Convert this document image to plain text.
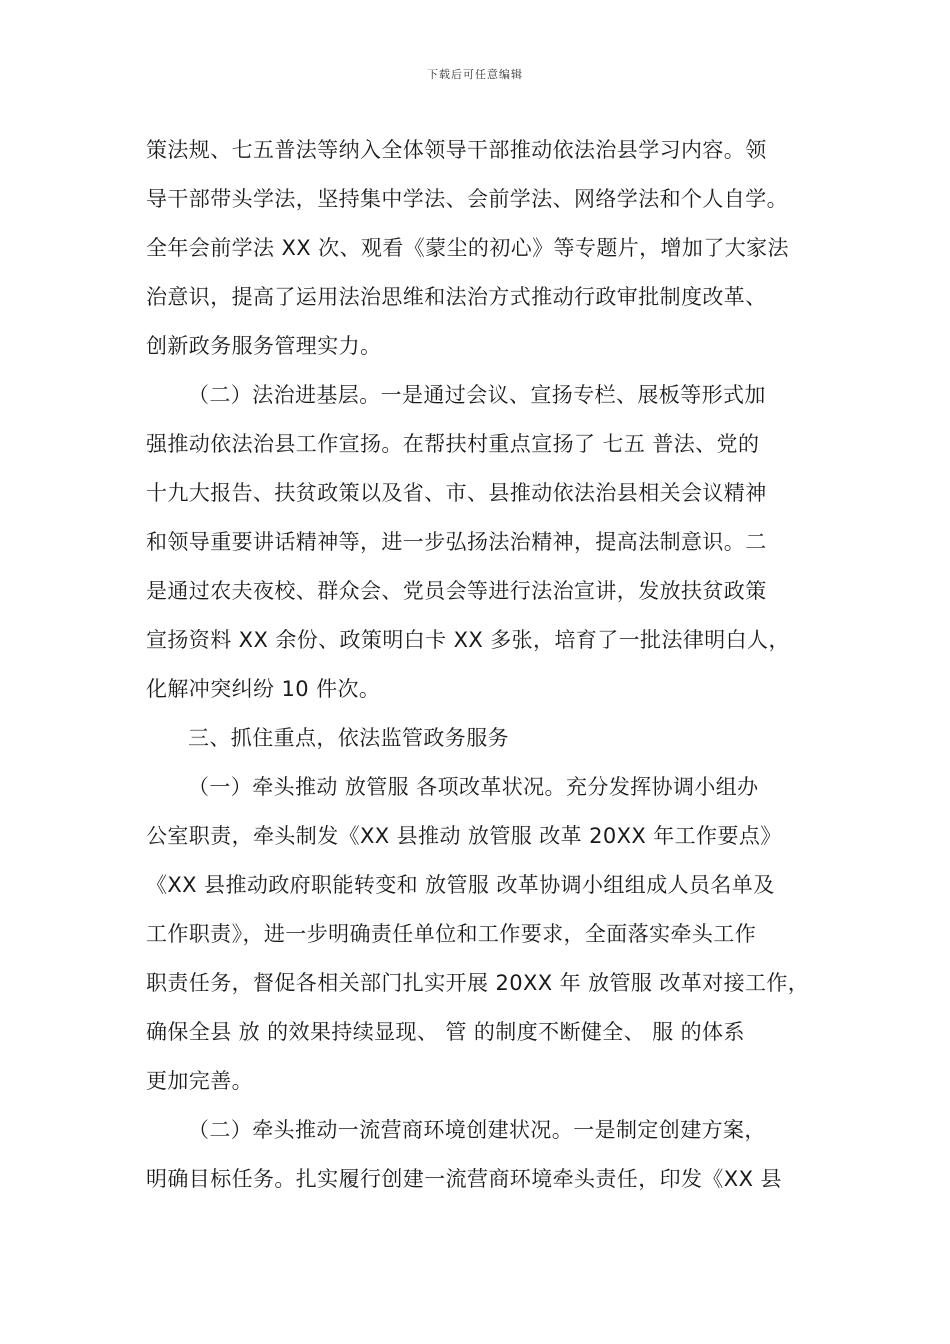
下载后可任意编辑
策法规、七五普法等纳入全体领导干部推动依法治县学习内容。领
导干部带头学法，坚持集中学法、会前学法、网络学法和个人自学。
全年会前学法 XX 次、观看《蒙尘的初心》等专题片，增加了大家法
治意识，提高了运用法治思维和法治方式推动行政审批制度改革、
创新政务服务管理实力。
（二）法治进基层。一是通过会议、宣扬专栏、展板等形式加
强推动依法治县工作宣扬。在帮扶村重点宣扬了 七五 普法、党的
十九大报告、扶贫政策以及省、市、县推动依法治县相关会议精神
和领导重要讲话精神等，进一步弘扬法治精神，提高法制意识。二
是通过农夫夜校、群众会、党员会等进行法治宣讲，发放扶贫政策
宣扬资料 XX 余份、政策明白卡 XX 多张，培育了一批法律明白人，
化解冲突纠纷 10 件次。
三、抓住重点，依法监管政务服务
（一）牵头推动 放管服 各项改革状况。充分发挥协调小组办
公室职责，牵头制发《XX 县推动 放管服 改革 20XX 年工作要点》
《XX 县推动政府职能转变和 放管服 改革协调小组组成人员名单及
工作职责》，进一步明确责任单位和工作要求，全面落实牵头工作
职责任务，督促各相关部门扎实开展 20XX 年 放管服 改革对接工作，
确保全县 放 的效果持续显现、 管 的制度不断健全、 服 的体系
更加完善。
（二）牵头推动一流营商环境创建状况。一是制定创建方案，
明确目标任务。扎实履行创建一流营商环境牵头责任，印发《XX 县
